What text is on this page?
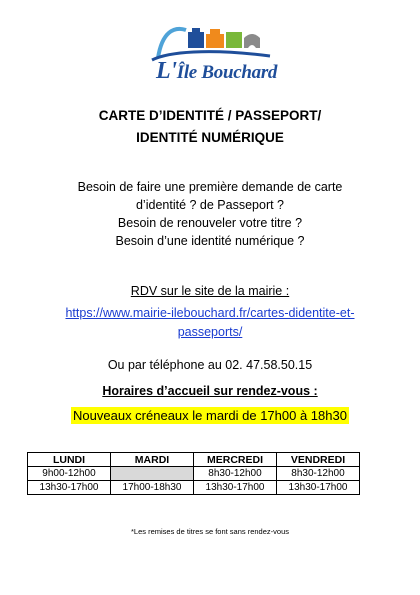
L'Île Bouchard
CARTE D’IDENTITÉ / PASSEPORT/
IDENTITÉ NUMÉRIQUE
Besoin de faire une première demande de carte
d’identité ? de Passeport ?
Besoin de renouveler votre titre ?
Besoin d’une identité numérique ?
RDV sur le site de la mairie :
https://www.mairie-ilebouchard.fr/cartes-didentite-et-
passeports/
Ou par téléphone au 02. 47.58.50.15
Horaires d’accueil sur rendez-vous :
Nouveaux créneaux le mardi de 17h00 à 18h30
LUNDI	MARDI	MERCREDI	VENDREDI
9h00-12h00		8h30-12h00	8h30-12h00
13h30-17h00	17h00-18h30	13h30-17h00	13h30-17h00
*Les remises de titres se font sans rendez-vous
